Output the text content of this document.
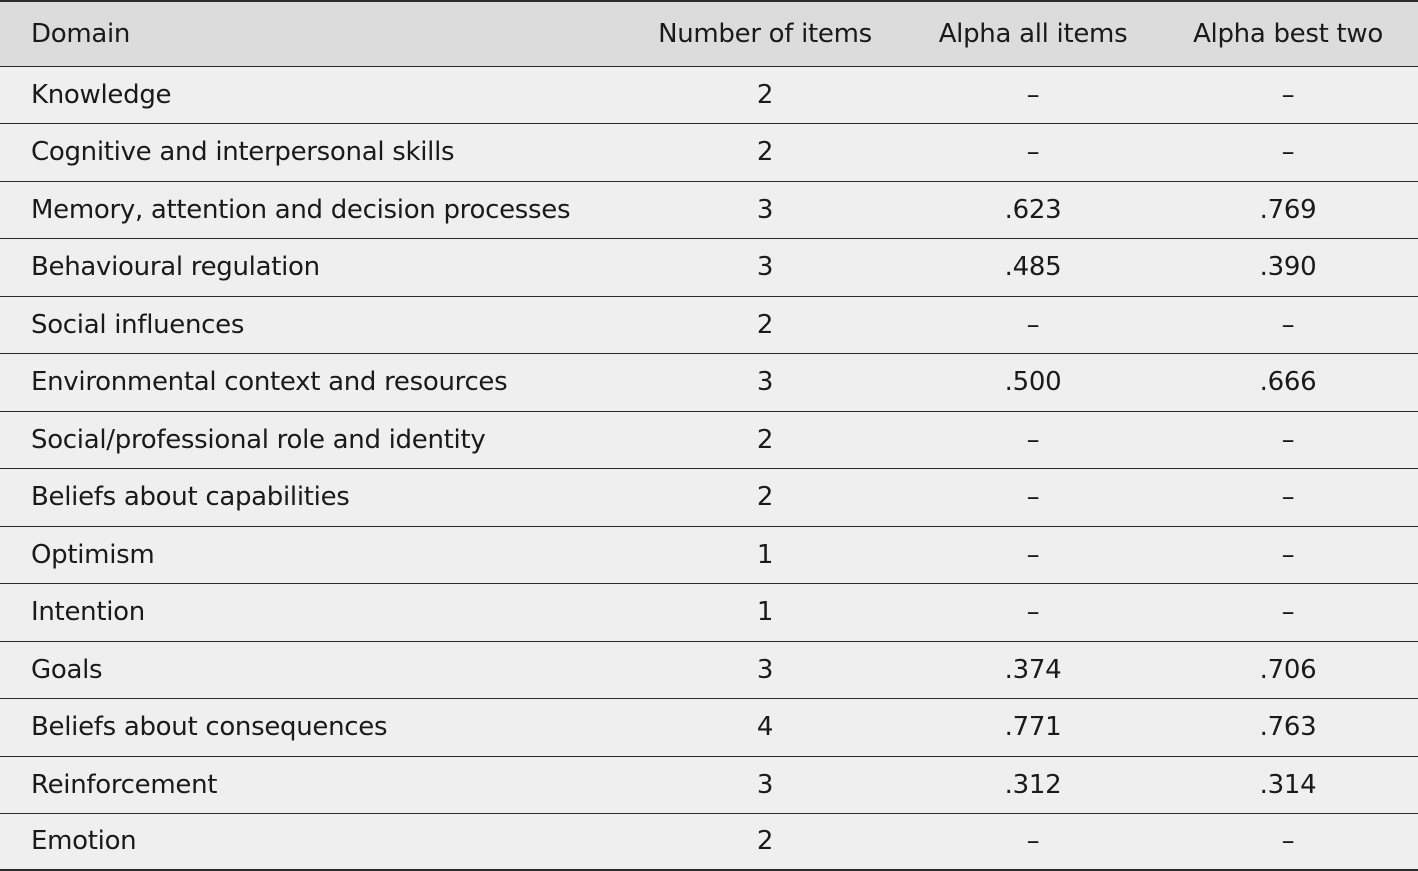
Domain	Number of items	Alpha all items	Alpha best two
Knowledge	2	–	–
Cognitive and interpersonal skills	2	–	–
Memory, attention and decision processes	3	.623	.769
Behavioural regulation	3	.485	.390
Social influences	2	–	–
Environmental context and resources	3	.500	.666
Social/professional role and identity	2	–	–
Beliefs about capabilities	2	–	–
Optimism	1	–	–
Intention	1	–	–
Goals	3	.374	.706
Beliefs about consequences	4	.771	.763
Reinforcement	3	.312	.314
Emotion	2	–	–
